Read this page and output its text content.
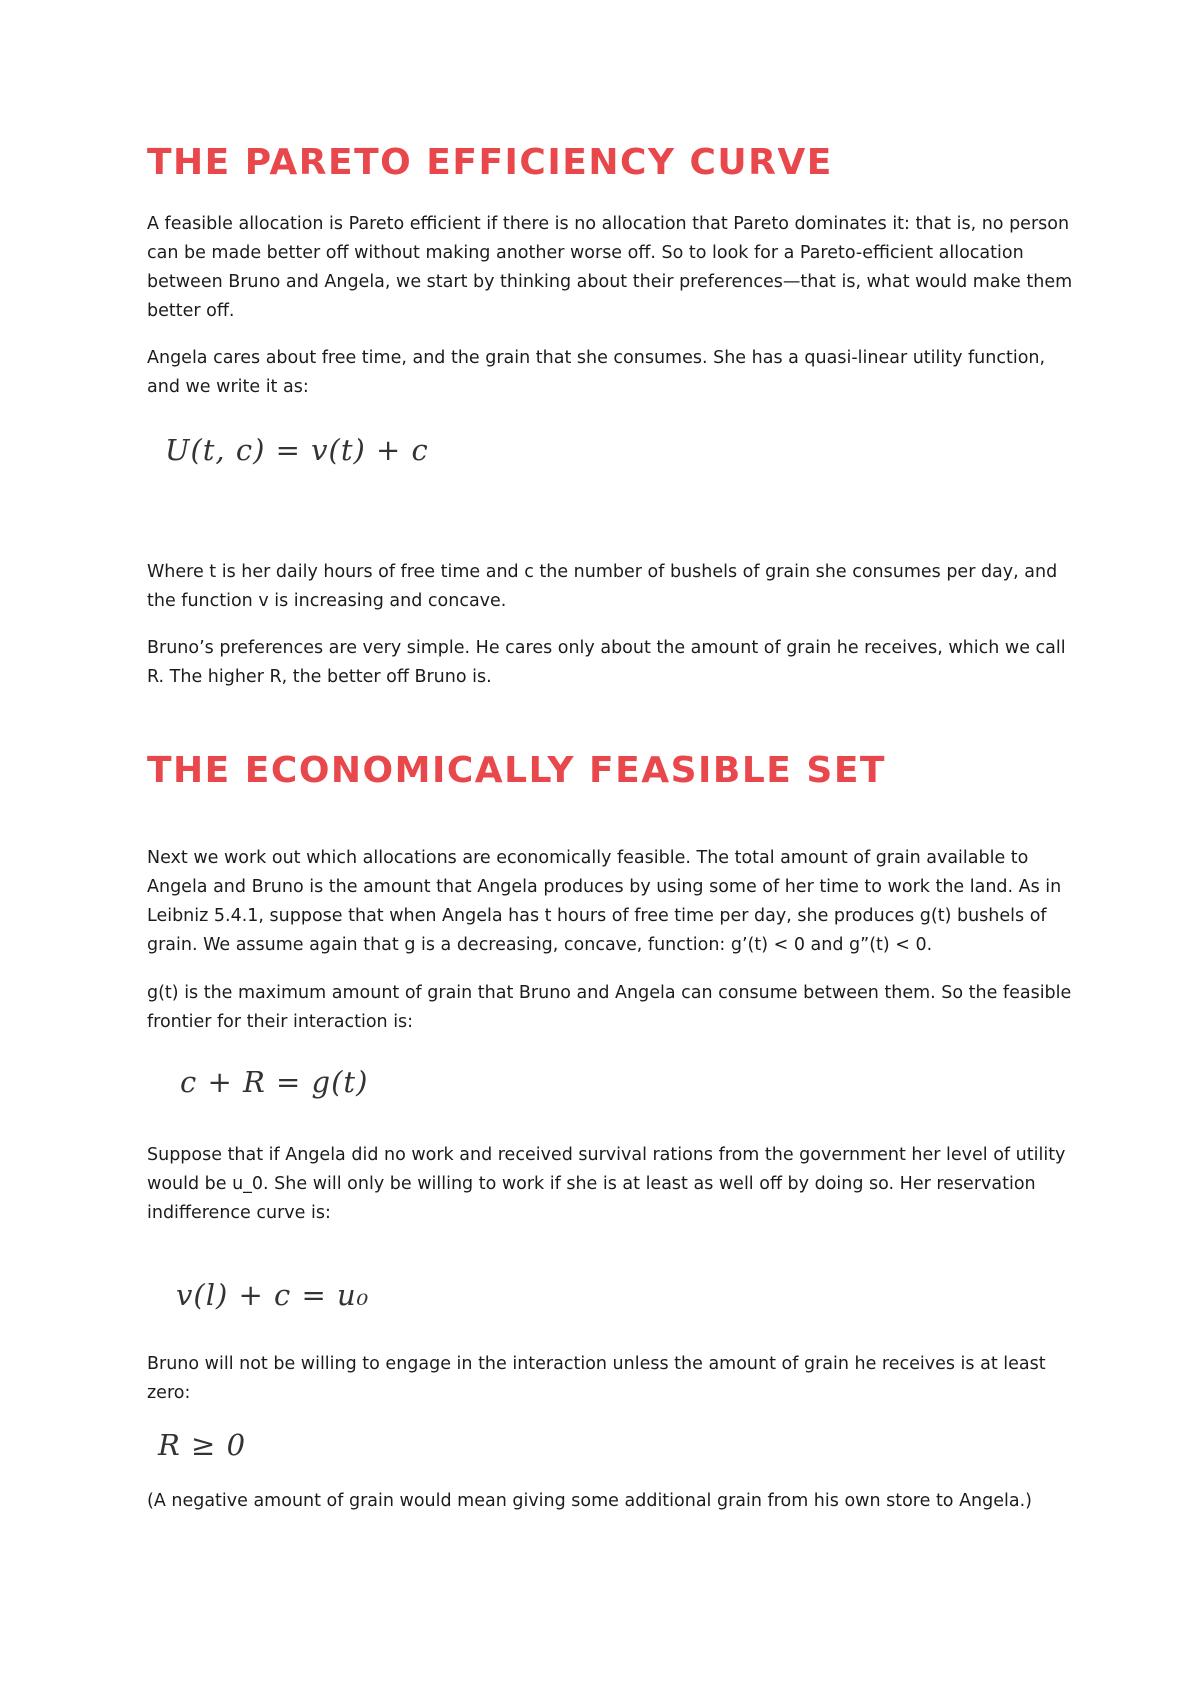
THE PARETO EFFICIENCY CURVE

A feasible allocation is Pareto efficient if there is no allocation that Pareto dominates it: that is, no person can be made better off without making another worse off. So to look for a Pareto-efficient allocation between Bruno and Angela, we start by thinking about their preferences—that is, what would make them better off.

Angela cares about free time, and the grain that she consumes. She has a quasi-linear utility function, and we write it as:

U(t, c) = v(t) + c

Where t is her daily hours of free time and c the number of bushels of grain she consumes per day, and the function v is increasing and concave.

Bruno’s preferences are very simple. He cares only about the amount of grain he receives, which we call R. The higher R, the better off Bruno is.

THE ECONOMICALLY FEASIBLE SET

Next we work out which allocations are economically feasible. The total amount of grain available to Angela and Bruno is the amount that Angela produces by using some of her time to work the land. As in Leibniz 5.4.1, suppose that when Angela has t hours of free time per day, she produces g(t) bushels of grain. We assume again that g is a decreasing, concave, function: g’(t) < 0 and g”(t) < 0.

g(t) is the maximum amount of grain that Bruno and Angela can consume between them. So the feasible frontier for their interaction is:

c + R = g(t)

Suppose that if Angela did no work and received survival rations from the government her level of utility would be u_0. She will only be willing to work if she is at least as well off by doing so. Her reservation indifference curve is:

v(l) + c = u₀

Bruno will not be willing to engage in the interaction unless the amount of grain he receives is at least zero:

R ≥ 0

(A negative amount of grain would mean giving some additional grain from his own store to Angela.)
